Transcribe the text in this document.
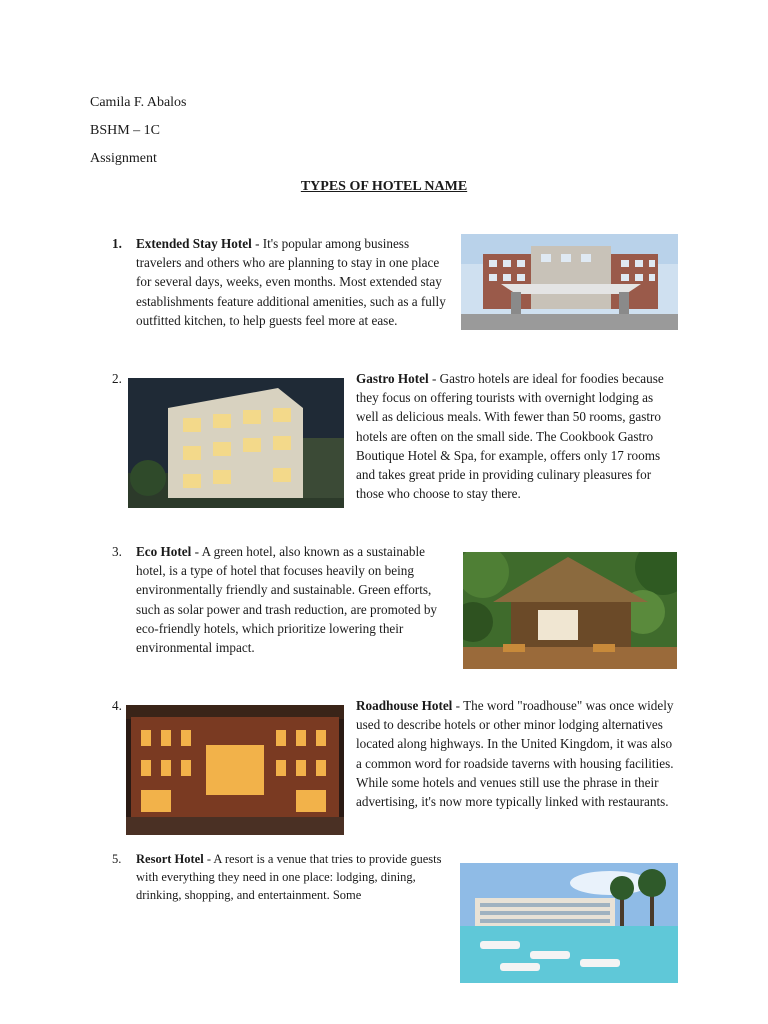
Camila F. Abalos
BSHM – 1C
Assignment
TYPES OF HOTEL NAME
1. Extended Stay Hotel - It's popular among business travelers and others who are planning to stay in one place for several days, weeks, even months. Most extended stay establishments feature additional amenities, such as a fully outfitted kitchen, to help guests feel more at ease.

2.	Gastro Hotel - Gastro hotels are ideal for foodies because they focus on offering tourists with overnight lodging as well as delicious meals. With fewer than 50 rooms, gastro hotels are often on the small side. The Cookbook Gastro Boutique Hotel & Spa, for example, offers only 17 rooms and takes great pride in providing culinary pleasures for those who choose to stay there.

3. Eco Hotel - A green hotel, also known as a sustainable hotel, is a type of hotel that focuses heavily on being environmentally friendly and sustainable. Green efforts, such as solar power and trash reduction, are promoted by eco-friendly hotels, which prioritize lowering their environmental impact.

4.	Roadhouse Hotel - The word "roadhouse" was once widely used to describe hotels or other minor lodging alternatives located along highways. In the United Kingdom, it was also a common word for roadside taverns with housing facilities. While some hotels and venues still use the phrase in their advertising, it's now more typically linked with restaurants.

5. Resort Hotel - A resort is a venue that tries to provide guests with everything they need in one place: lodging, dining, drinking, shopping, and entertainment. Some
